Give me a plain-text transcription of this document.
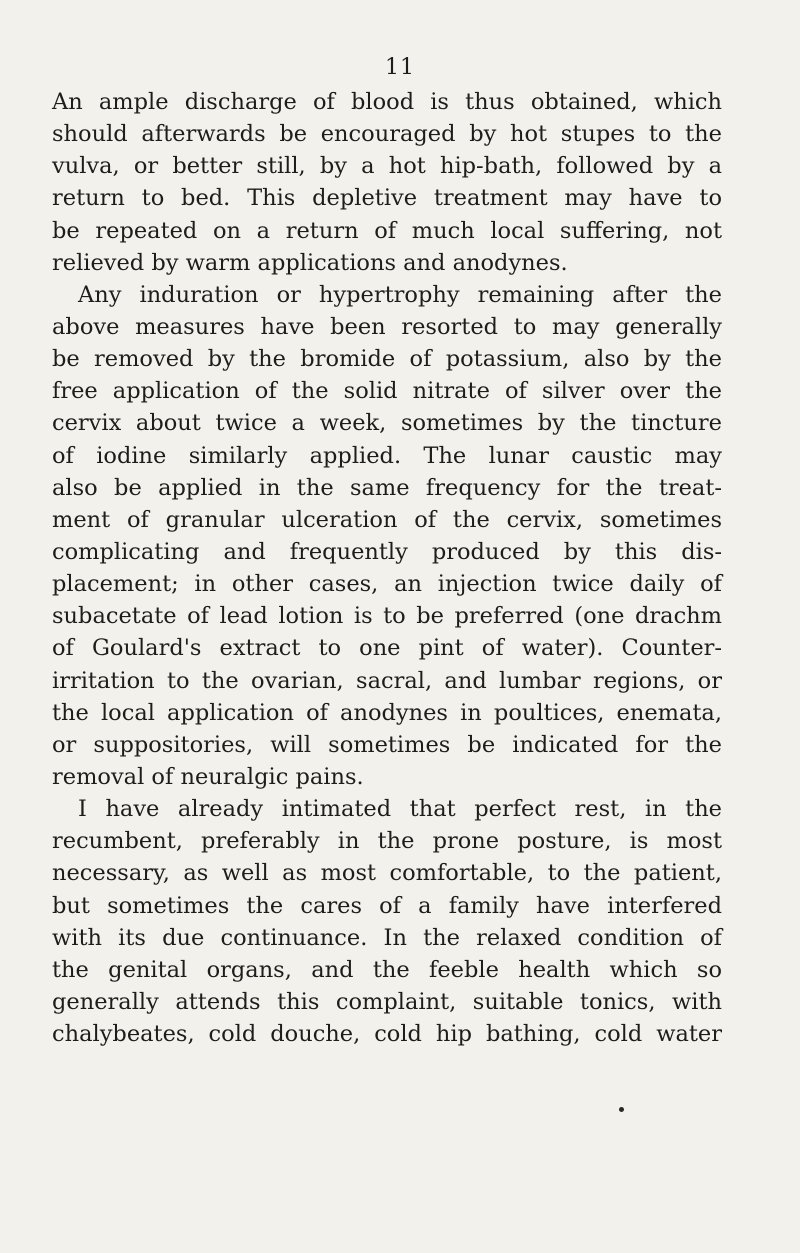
11
An ample discharge of blood is thus obtained, which
should afterwards be encouraged by hot stupes to the
vulva, or better still, by a hot hip-bath, followed by a
return to bed. This depletive treatment may have to
be repeated on a return of much local suffering, not
relieved by warm applications and anodynes.
Any induration or hypertrophy remaining after the
above measures have been resorted to may generally
be removed by the bromide of potassium, also by the
free application of the solid nitrate of silver over the
cervix about twice a week, sometimes by the tincture
of iodine similarly applied. The lunar caustic may
also be applied in the same frequency for the treat-
ment of granular ulceration of the cervix, sometimes
complicating and frequently produced by this dis-
placement; in other cases, an injection twice daily of
subacetate of lead lotion is to be preferred (one drachm
of Goulard's extract to one pint of water). Counter-
irritation to the ovarian, sacral, and lumbar regions, or
the local application of anodynes in poultices, enemata,
or suppositories, will sometimes be indicated for the
removal of neuralgic pains.
I have already intimated that perfect rest, in the
recumbent, preferably in the prone posture, is most
necessary, as well as most comfortable, to the patient,
but sometimes the cares of a family have interfered
with its due continuance. In the relaxed condition of
the genital organs, and the feeble health which so
generally attends this complaint, suitable tonics, with
chalybeates, cold douche, cold hip bathing, cold water
